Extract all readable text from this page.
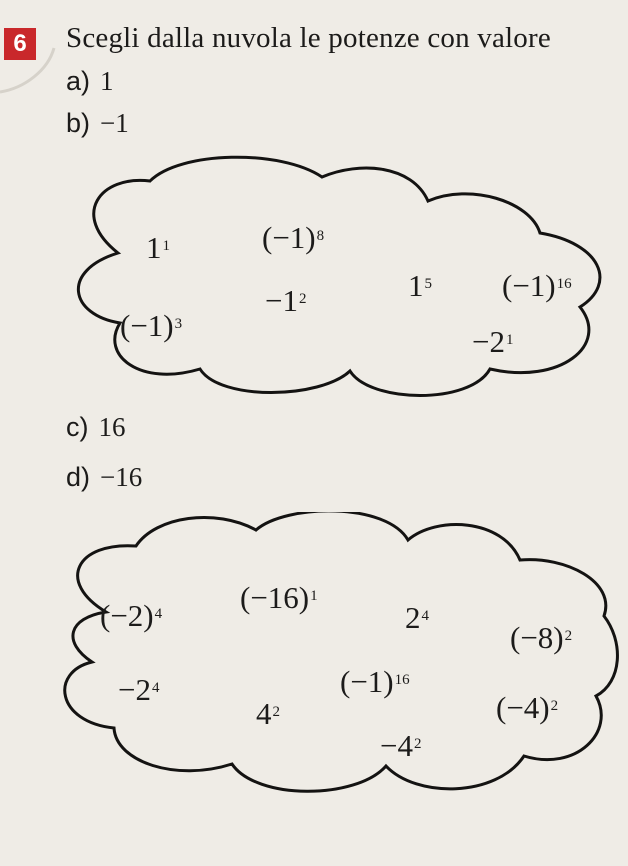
6	Scegli dalla nuvola le potenze con valore
a) 1
b) −1
$1^1$	$(-1)^8$
$-1^2$
$(-1)^3$
$1^5$ $(-1)^{16}$
$-2^1$
c) 16
d) −16
$(-2)^4$	$(-16)^1$
$2^4$
$(-8)^2$
$-2^4$	$(-1)^{16}$
$4^2$	$(-4)^2$
$-4^2$
